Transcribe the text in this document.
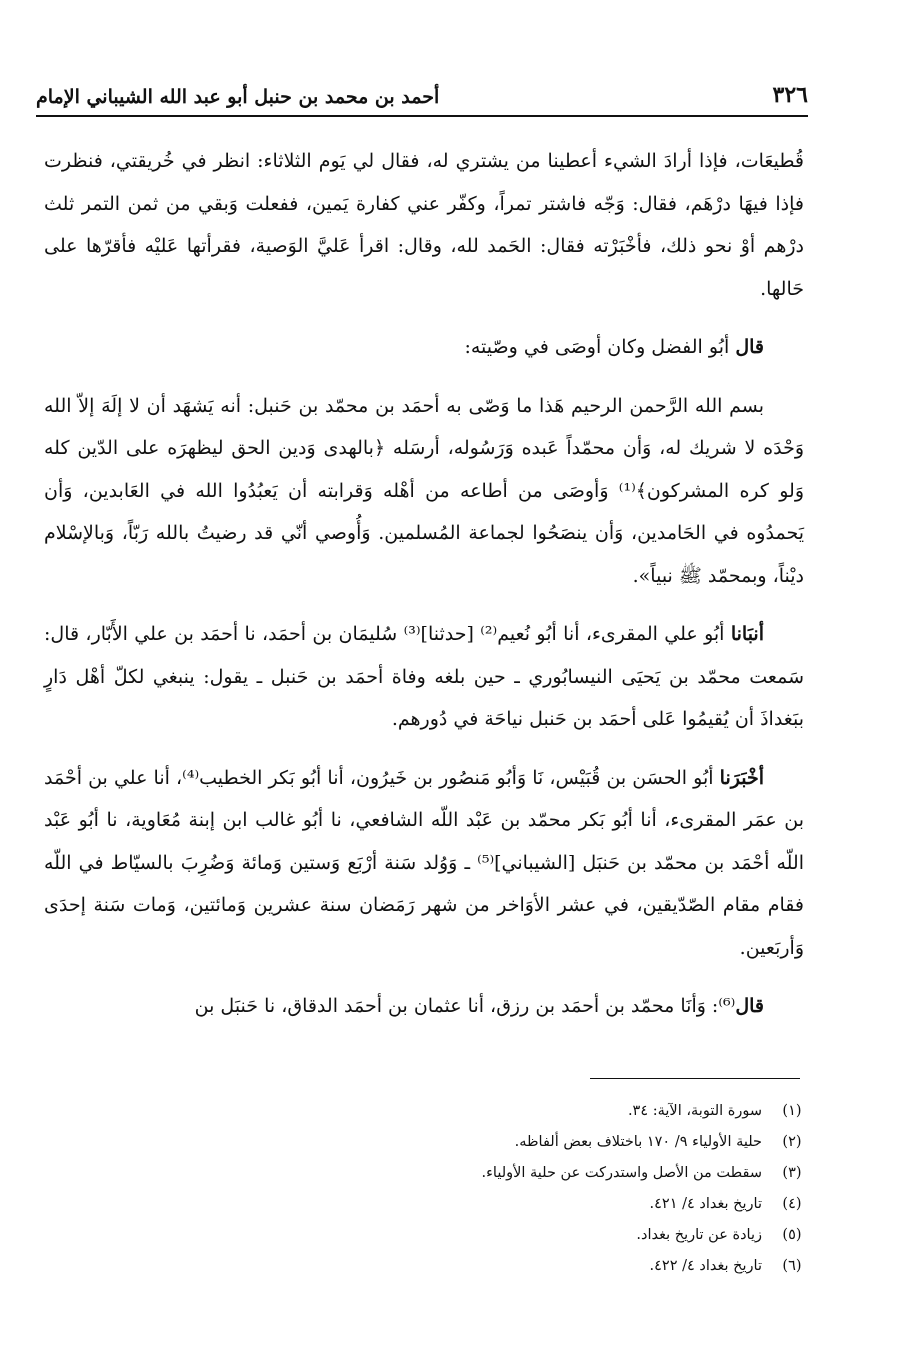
٣٢٦
أحمد بن محمد بن حنبل أبو عبد الله الشيباني الإمام

قُطيعَات، فإذا أرادَ الشيء أعطينا من يشتري له، فقال لي يَوم الثلاثاء: انظر في خُريقتي، فنظرت فإذا فيهَا درْهَم، فقال: وَجّه فاشتر تمراً، وكفّر عني كفارة يَمين، ففعلت وَبقي من ثمن التمر ثلث درْهم أوْ نحو ذلك، فأخْبَرْته فقال: الحَمد لله، وقال: اقرأ عَليَّ الوَصية، فقرأتها عَليْه فأقرّها على حَالها.

قال أبُو الفضل وكان أوصَى في وصّيته:

بسم الله الرَّحمن الرحيم هَذا ما وَصّى به أحمَد بن محمّد بن حَنبل: أنه يَشهَد أن لا إلَهَ إلاّ الله وَحْدَه لا شريك له، وَأن محمّداً عَبده وَرَسُوله، أرسَله ﴿بالهدى وَدين الحق ليظهرَه على الدّين كله وَلو كره المشركون﴾⁽¹⁾ وَأوصَى من أطاعه من أهْله وَقرابته أن يَعبُدُوا الله في العَابدين، وَأن يَحمدُوه في الحَامدين، وَأن ينصَحُوا لجماعة المُسلمين. وَأُوصي أنّي قد رضيتُ بالله رَبّاً، وَبالإسْلام ديْناً، وبمحمّد ﷺ نبياً».

أنبَانا أبُو علي المقرىء، أنا أبُو نُعيم⁽²⁾ [حدثنا]⁽³⁾ سُليمَان بن أحمَد، نا أحمَد بن علي الأَبّار، قال: سَمعت محمّد بن يَحيَى النيسابُوري ـ حين بلغه وفاة أحمَد بن حَنبل ـ يقول: ينبغي لكلّ أهْل دَارٍ ببَغداذَ أن يُقيمُوا عَلى أحمَد بن حَنبل نياحَة في دُورهم.

أخْبَرَنا أبُو الحسَن بن قُبَيْس، نَا وَأبُو مَنصُور بن خَيرُون، أنا أبُو بَكر الخطيب⁽⁴⁾، أنا علي بن أحْمَد بن عمَر المقرىء، أنا أبُو بَكر محمّد بن عَبْد اللّه الشافعي، نا أبُو غالب ابن إبنة مُعَاوية، نا أبُو عَبْد اللّه أحْمَد بن محمّد بن حَنبَل [الشيباني]⁽⁵⁾ ـ وَوُلد سَنة أرْبَع وَستين وَمائة وَضُرِبَ بالسيّاط في اللّه فقام مقام الصّدّيقين، في عشر الأوَاخر من شهر رَمَضان سنة عشرين وَمائتين، وَمات سَنة إحدَى وَأربَعين.

قال⁽⁶⁾: وَأنَا محمّد بن أحمَد بن رزق، أنا عثمان بن أحمَد الدقاق، نا حَنبَل بن

(١)
سورة التوبة، الآية: ٣٤.
(٢)
حلية الأولياء ٩/ ١٧٠ باختلاف بعض ألفاظه.
(٣)
سقطت من الأصل واستدركت عن حلية الأولياء.
(٤)
تاريخ بغداد ٤/ ٤٢١.
(٥)
زيادة عن تاريخ بغداد.
(٦)
تاريخ بغداد ٤/ ٤٢٢.
